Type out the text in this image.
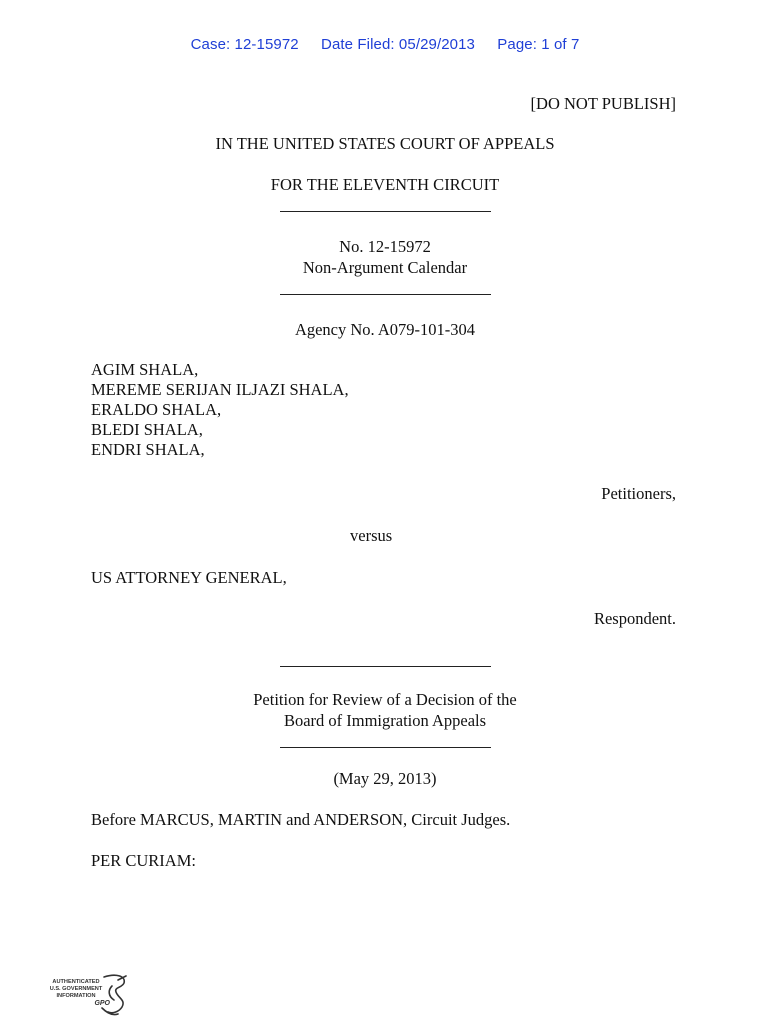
Case: 12-15972 Date Filed: 05/29/2013 Page: 1 of 7
[DO NOT PUBLISH]
IN THE UNITED STATES COURT OF APPEALS
FOR THE ELEVENTH CIRCUIT
No. 12-15972
Non-Argument Calendar
Agency No. A079-101-304
AGIM SHALA,
MEREME SERIJAN ILJAZI SHALA,
ERALDO SHALA,
BLEDI SHALA,
ENDRI SHALA,
Petitioners,
versus
US ATTORNEY GENERAL,
Respondent.
Petition for Review of a Decision of the
Board of Immigration Appeals
(May 29, 2013)
Before MARCUS, MARTIN and ANDERSON, Circuit Judges.
PER CURIAM:
AUTHENTICATED
U.S. GOVERNMENT
INFORMATION
GPO
